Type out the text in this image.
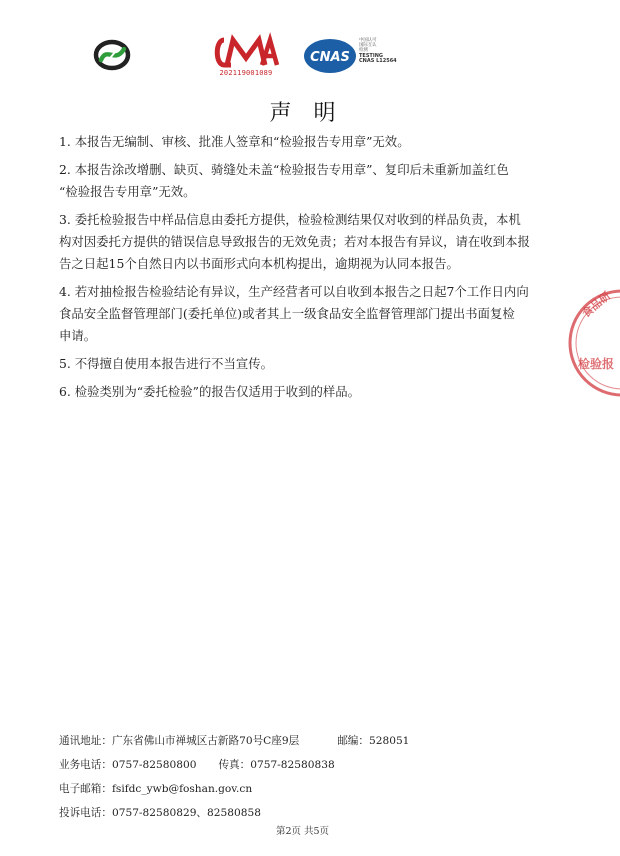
202119001089
CNAS
中国认可
国际互认
检测
TESTING
CNAS L12564
声明
1. 本报告无编制、审核、批准人签章和“检验报告专用章”无效。
2. 本报告涂改增删、缺页、骑缝处未盖“检验报告专用章”、复印后未重新加盖红色
“检验报告专用章”无效。
3. 委托检验报告中样品信息由委托方提供，检验检测结果仅对收到的样品负责，本机
构对因委托方提供的错误信息导致报告的无效免责；若对本报告有异议，请在收到本报
告之日起15个自然日内以书面形式向本机构提出，逾期视为认同本报告。
4. 若对抽检报告检验结论有异议，生产经营者可以自收到本报告之日起7个工作日内向
食品安全监督管理部门(委托单位)或者其上一级食品安全监督管理部门提出书面复检
申请。
5. 不得擅自使用本报告进行不当宣传。
6. 检验类别为“委托检验”的报告仅适用于收到的样品。
食品研
检验报
通讯地址：广东省佛山市禅城区古新路70号C座9层	邮编：528051
业务电话：0757-82580800 传真：0757-82580838
电子邮箱：fsifdc_ywb@foshan.gov.cn
投诉电话：0757-82580829、82580858
第2页 共5页
